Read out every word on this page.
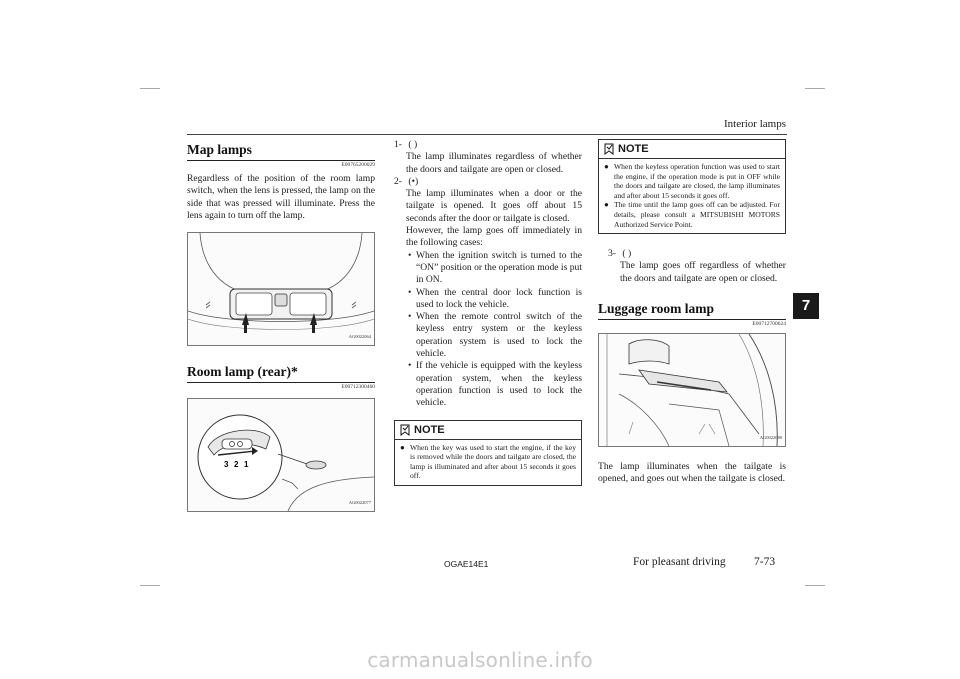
Interior lamps
7
Map lamps
E00765200029

Regardless of the position of the room lamp switch, when the lens is pressed, the lamp on the side that was pressed will illuminate. Press the lens again to turn off the lamp.

AG0022064
Room lamp (rear)*
E00712300460
3 2 1
AG0022077
1- ( )
The lamp illuminates regardless of whether the doors and tailgate are open or closed.
2- (•)
The lamp illuminates when a door or the tailgate is opened. It goes off about 15 seconds after the door or tailgate is closed.
However, the lamp goes off immediately in the following cases:
• When the ignition switch is turned to the “ON” position or the operation mode is put in ON.
• When the central door lock function is used to lock the vehicle.
• When the remote control switch of the keyless entry system or the keyless operation system is used to lock the vehicle.
• If the vehicle is equipped with the keyless operation system, when the keyless operation function is used to lock the vehicle.
NOTE
● When the key was used to start the engine, if the key is removed while the doors and tailgate are closed, the lamp is illuminated and after about 15 seconds it goes off.
NOTE
● When the keyless operation function was used to start the engine, if the operation mode is put in OFF while the doors and tailgate are closed, the lamp illuminates and after about 15 seconds it goes off.
● The time until the lamp goes off can be adjusted. For details, please consult a MITSUBISHI MOTORS Authorized Service Point.
3- ( )
The lamp goes off regardless of whether the doors and tailgate are open or closed.
Luggage room lamp
E00712700624
AG0022080

The lamp illuminates when the tailgate is opened, and goes out when the tailgate is closed.

OGAE14E1	For pleasant driving 7-73
carmanualsonline.info
